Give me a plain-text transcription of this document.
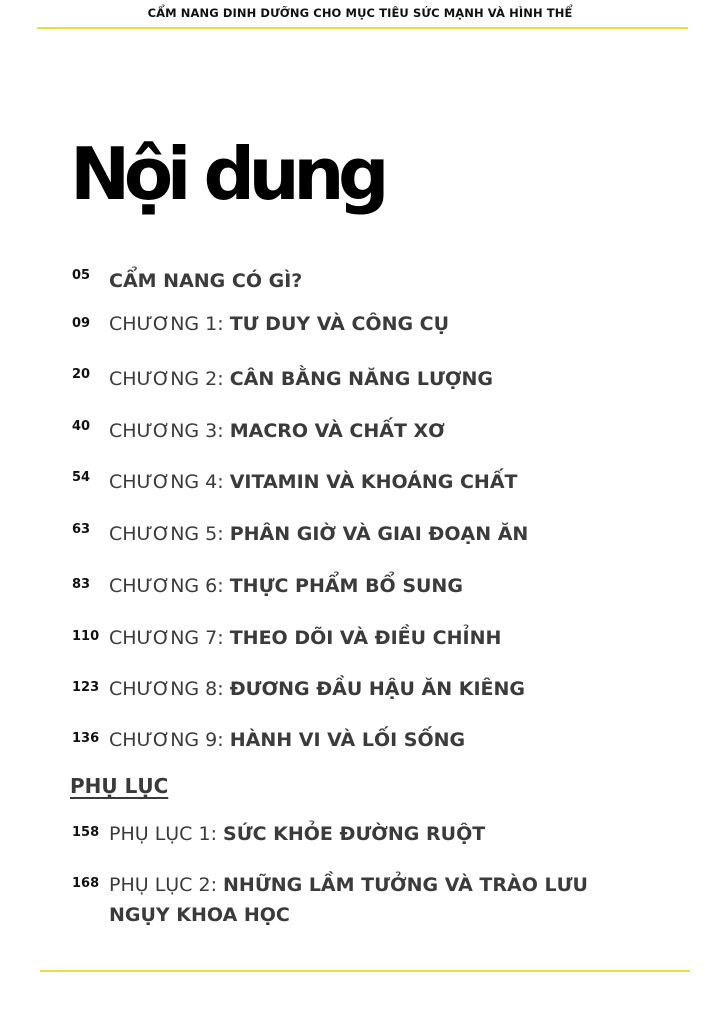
CẨM NANG DINH DƯỠNG CHO MỤC TIÊU SỨC MẠNH VÀ HÌNH THỂ
Nội dung
05 CẨM NANG CÓ GÌ?
09 CHƯƠNG 1: TƯ DUY VÀ CÔNG CỤ
20 CHƯƠNG 2: CÂN BẰNG NĂNG LƯỢNG
40 CHƯƠNG 3: MACRO VÀ CHẤT XƠ
54 CHƯƠNG 4: VITAMIN VÀ KHOÁNG CHẤT
63 CHƯƠNG 5: PHÂN GIỜ VÀ GIAI ĐOẠN ĂN
83 CHƯƠNG 6: THỰC PHẨM BỔ SUNG
110 CHƯƠNG 7: THEO DÕI VÀ ĐIỀU CHỈNH
123 CHƯƠNG 8: ĐƯƠNG ĐẦU HẬU ĂN KIÊNG
136 CHƯƠNG 9: HÀNH VI VÀ LỐI SỐNG
PHỤ LỤC
158 PHỤ LỤC 1: SỨC KHỎE ĐƯỜNG RUỘT
168 PHỤ LỤC 2: NHỮNG LẦM TƯỞNG VÀ TRÀO LƯU NGỤY KHOA HỌC
